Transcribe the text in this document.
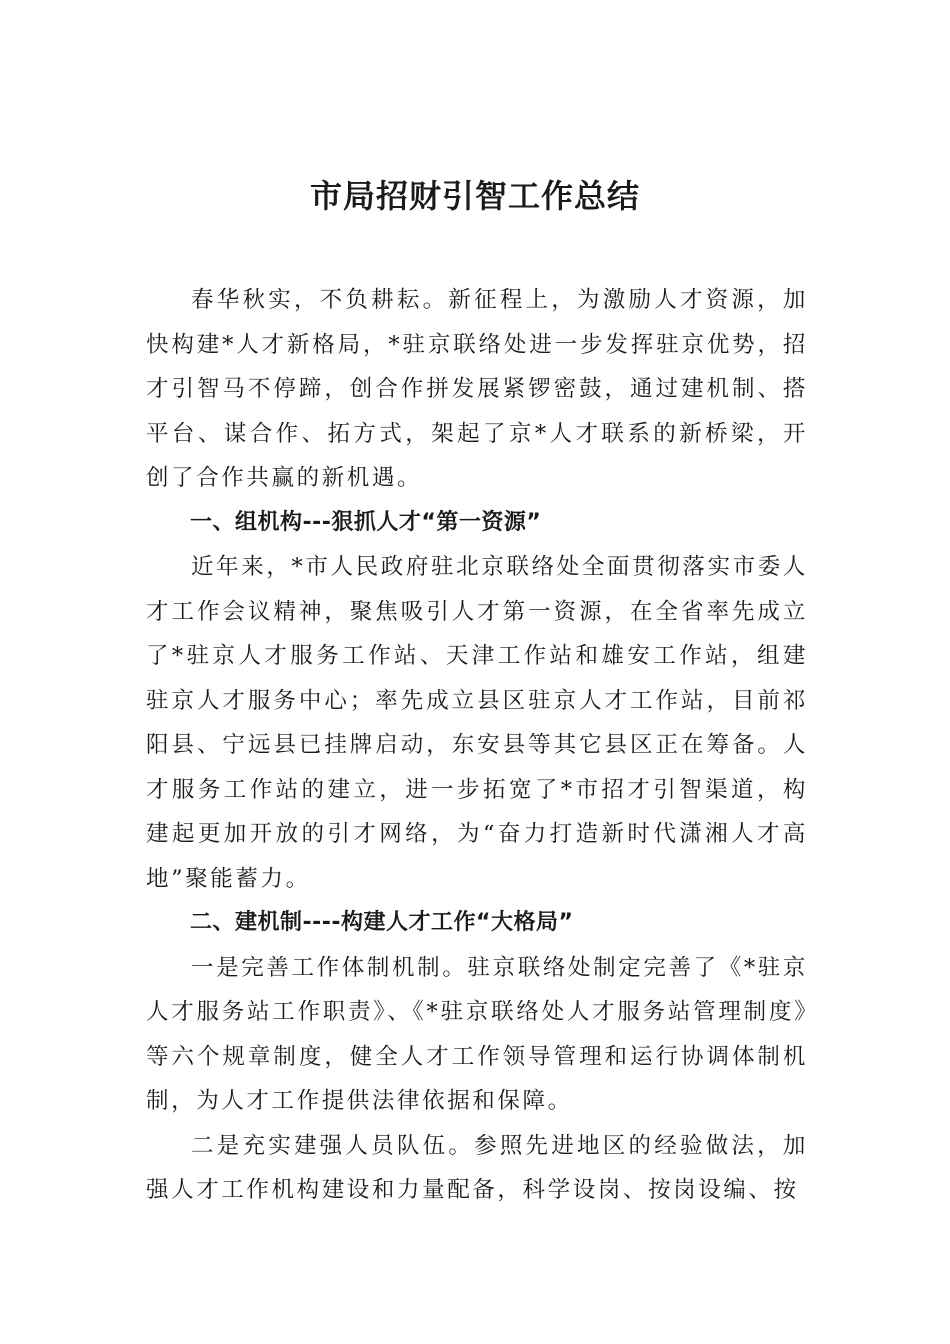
市局招财引智工作总结

春华秋实，不负耕耘。新征程上，为激励人才资源，加快构建*人才新格局，*驻京联络处进一步发挥驻京优势，招才引智马不停蹄，创合作拼发展紧锣密鼓，通过建机制、搭平台、谋合作、拓方式，架起了京*人才联系的新桥梁，开创了合作共赢的新机遇。

一、组机构---狠抓人才“第一资源”

近年来，*市人民政府驻北京联络处全面贯彻落实市委人才工作会议精神，聚焦吸引人才第一资源，在全省率先成立了*驻京人才服务工作站、天津工作站和雄安工作站，组建驻京人才服务中心；率先成立县区驻京人才工作站，目前祁阳县、宁远县已挂牌启动，东安县等其它县区正在筹备。人才服务工作站的建立，进一步拓宽了*市招才引智渠道，构建起更加开放的引才网络，为“奋力打造新时代潇湘人才高地”聚能蓄力。

二、建机制----构建人才工作“大格局”

一是完善工作体制机制。驻京联络处制定完善了《*驻京人才服务站工作职责》、《*驻京联络处人才服务站管理制度》等六个规章制度，健全人才工作领导管理和运行协调体制机制，为人才工作提供法律依据和保障。

二是充实建强人员队伍。参照先进地区的经验做法，加强人才工作机构建设和力量配备，科学设岗、按岗设编、按
